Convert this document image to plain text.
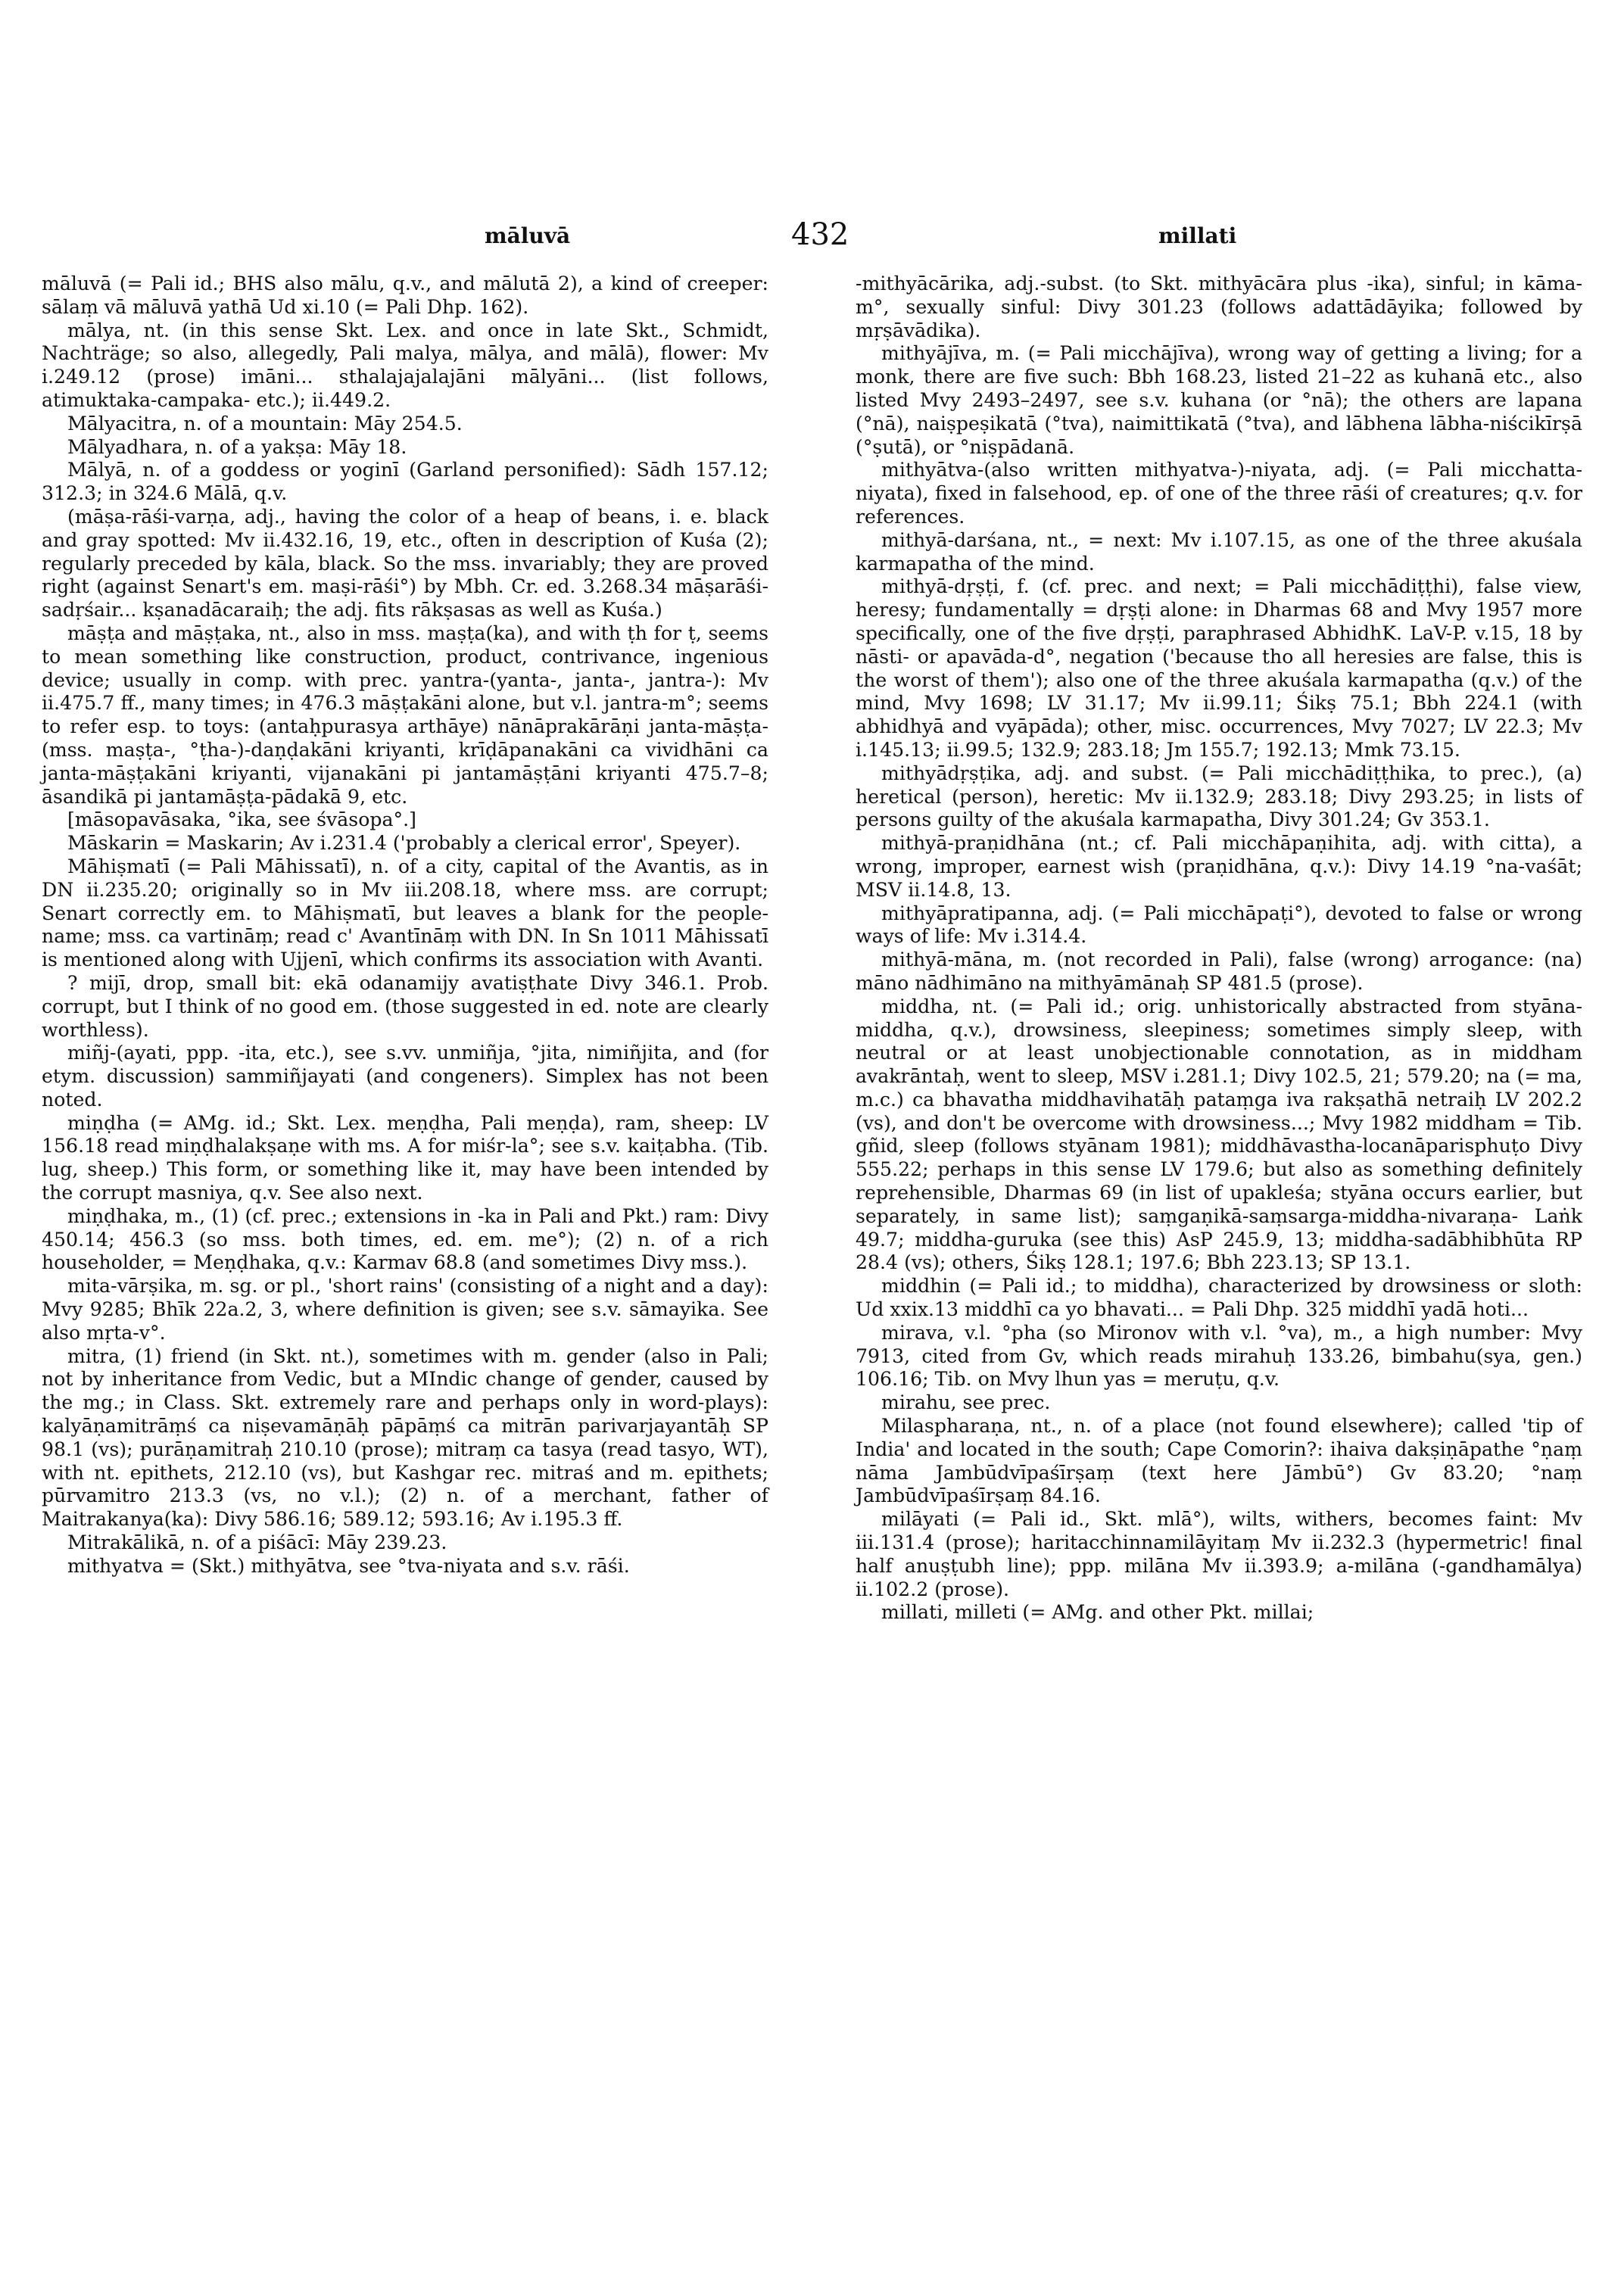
māluvā	432	millati

māluvā (= Pali id.; BHS also mālu, q.v., and mālutā 2), a kind of creeper: sālaṃ vā māluvā yathā Ud xi.10 (= Pali Dhp. 162).

mālya, nt. (in this sense Skt. Lex. and once in late Skt., Schmidt, Nachträge; so also, allegedly, Pali malya, mālya, and mālā), flower: Mv i.249.12 (prose) imāni... sthalajajalajāni mālyāni... (list follows, atimuktaka-campaka- etc.); ii.449.2.

Mālyacitra, n. of a mountain: Māy 254.5.

Mālyadhara, n. of a yakṣa: Māy 18.

Mālyā, n. of a goddess or yoginī (Garland personified): Sādh 157.12; 312.3; in 324.6 Mālā, q.v.

(māṣa-rāśi-varṇa, adj., having the color of a heap of beans, i. e. black and gray spotted: Mv ii.432.16, 19, etc., often in description of Kuśa (2); regularly preceded by kāla, black. So the mss. invariably; they are proved right (against Senart's em. maṣi-rāśi°) by Mbh. Cr. ed. 3.268.34 māṣarāśi-sadṛśair... kṣanadācaraiḥ; the adj. fits rākṣasas as well as Kuśa.)

māṣṭa and māṣṭaka, nt., also in mss. maṣṭa(ka), and with ṭh for ṭ, seems to mean something like construction, product, contrivance, ingenious device; usually in comp. with prec. yantra-(yanta-, janta-, jantra-): Mv ii.475.7 ff., many times; in 476.3 māṣṭakāni alone, but v.l. jantra-m°; seems to refer esp. to toys: (antaḥpurasya arthāye) nānāprakārāṇi janta-māṣṭa-(mss. maṣṭa-, °ṭha-)-daṇḍakāni kriyanti, krīḍāpanakāni ca vividhāni ca janta-māṣṭakāni kriyanti, vijanakāni pi jantamāṣṭāni kriyanti 475.7–8; āsandikā pi jantamāṣṭa-pādakā 9, etc.

[māsopavāsaka, °ika, see śvāsopa°.]

Māskarin = Maskarin; Av i.231.4 ('probably a clerical error', Speyer).

Māhiṣmatī (= Pali Māhissatī), n. of a city, capital of the Avantis, as in DN ii.235.20; originally so in Mv iii.208.18, where mss. are corrupt; Senart correctly em. to Māhiṣmatī, but leaves a blank for the people-name; mss. ca vartināṃ; read c' Avantīnāṃ with DN. In Sn 1011 Māhissatī is mentioned along with Ujjenī, which confirms its association with Avanti.

? mijī, drop, small bit: ekā odanamijy avatiṣṭhate Divy 346.1. Prob. corrupt, but I think of no good em. (those suggested in ed. note are clearly worthless).

miñj-(ayati, ppp. -ita, etc.), see s.vv. unmiñja, °jita, nimiñjita, and (for etym. discussion) sammiñjayati (and congeners). Simplex has not been noted.

miṇḍha (= AMg. id.; Skt. Lex. meṇḍha, Pali meṇḍa), ram, sheep: LV 156.18 read miṇḍhalakṣaṇe with ms. A for miśr-la°; see s.v. kaiṭabha. (Tib. lug, sheep.) This form, or something like it, may have been intended by the corrupt masniya, q.v. See also next.

miṇḍhaka, m., (1) (cf. prec.; extensions in -ka in Pali and Pkt.) ram: Divy 450.14; 456.3 (so mss. both times, ed. em. me°); (2) n. of a rich householder, = Meṇḍhaka, q.v.: Karmav 68.8 (and sometimes Divy mss.).

mita-vārṣika, m. sg. or pl., 'short rains' (consisting of a night and a day): Mvy 9285; Bhīk 22a.2, 3, where definition is given; see s.v. sāmayika. See also mṛta-v°.

mitra, (1) friend (in Skt. nt.), sometimes with m. gender (also in Pali; not by inheritance from Vedic, but a MIndic change of gender, caused by the mg.; in Class. Skt. extremely rare and perhaps only in word-plays): kalyāṇamitrāṃś ca niṣevamāṇāḥ pāpāṃś ca mitrān parivarjayantāḥ SP 98.1 (vs); purāṇamitraḥ 210.10 (prose); mitraṃ ca tasya (read tasyo, WT), with nt. epithets, 212.10 (vs), but Kashgar rec. mitraś and m. epithets; pūrvamitro 213.3 (vs, no v.l.); (2) n. of a merchant, father of Maitrakanya(ka): Divy 586.16; 589.12; 593.16; Av i.195.3 ff.

Mitrakālikā, n. of a piśācī: Māy 239.23.

mithyatva = (Skt.) mithyātva, see °tva-niyata and s.v. rāśi.

-mithyācārika, adj.-subst. (to Skt. mithyācāra plus -ika), sinful; in kāma-m°, sexually sinful: Divy 301.23 (follows adattādāyika; followed by mṛṣāvādika).

mithyājīva, m. (= Pali micchājīva), wrong way of getting a living; for a monk, there are five such: Bbh 168.23, listed 21–22 as kuhanā etc., also listed Mvy 2493–2497, see s.v. kuhana (or °nā); the others are lapana (°nā), naiṣpeṣikatā (°tva), naimittikatā (°tva), and lābhena lābha-niścikīrṣā (°ṣutā), or °niṣpādanā.

mithyātva-(also written mithyatva-)-niyata, adj. (= Pali micchatta-niyata), fixed in falsehood, ep. of one of the three rāśi of creatures; q.v. for references.

mithyā-darśana, nt., = next: Mv i.107.15, as one of the three akuśala karmapatha of the mind.

mithyā-dṛṣṭi, f. (cf. prec. and next; = Pali micchādiṭṭhi), false view, heresy; fundamentally = dṛṣṭi alone: in Dharmas 68 and Mvy 1957 more specifically, one of the five dṛṣṭi, paraphrased AbhidhK. LaV-P. v.15, 18 by nāsti- or apavāda-d°, negation ('because tho all heresies are false, this is the worst of them'); also one of the three akuśala karmapatha (q.v.) of the mind, Mvy 1698; LV 31.17; Mv ii.99.11; Śikṣ 75.1; Bbh 224.1 (with abhidhyā and vyāpāda); other, misc. occurrences, Mvy 7027; LV 22.3; Mv i.145.13; ii.99.5; 132.9; 283.18; Jm 155.7; 192.13; Mmk 73.15.

mithyādṛṣṭika, adj. and subst. (= Pali micchādiṭṭhika, to prec.), (a) heretical (person), heretic: Mv ii.132.9; 283.18; Divy 293.25; in lists of persons guilty of the akuśala karmapatha, Divy 301.24; Gv 353.1.

mithyā-praṇidhāna (nt.; cf. Pali micchāpaṇihita, adj. with citta), a wrong, improper, earnest wish (praṇidhāna, q.v.): Divy 14.19 °na-vaśāt; MSV ii.14.8, 13.

mithyāpratipanna, adj. (= Pali micchāpaṭi°), devoted to false or wrong ways of life: Mv i.314.4.

mithyā-māna, m. (not recorded in Pali), false (wrong) arrogance: (na) māno nādhimāno na mithyāmānaḥ SP 481.5 (prose).

middha, nt. (= Pali id.; orig. unhistorically abstracted from styāna-middha, q.v.), drowsiness, sleepiness; sometimes simply sleep, with neutral or at least unobjectionable connotation, as in middham avakrāntaḥ, went to sleep, MSV i.281.1; Divy 102.5, 21; 579.20; na (= ma, m.c.) ca bhavatha middhavihatāḥ pataṃga iva rakṣathā netraiḥ LV 202.2 (vs), and don't be overcome with drowsiness...; Mvy 1982 middham = Tib. gñid, sleep (follows styānam 1981); middhāvastha-locanāparisphuṭo Divy 555.22; perhaps in this sense LV 179.6; but also as something definitely reprehensible, Dharmas 69 (in list of upakleśa; styāna occurs earlier, but separately, in same list); saṃgaṇikā-saṃsarga-middha-nivaraṇa- Laṅk 49.7; middha-guruka (see this) AsP 245.9, 13; middha-sadābhibhūta RP 28.4 (vs); others, Śikṣ 128.1; 197.6; Bbh 223.13; SP 13.1.

middhin (= Pali id.; to middha), characterized by drowsiness or sloth: Ud xxix.13 middhī ca yo bhavati... = Pali Dhp. 325 middhī yadā hoti...

mirava, v.l. °pha (so Mironov with v.l. °va), m., a high number: Mvy 7913, cited from Gv, which reads mirahuḥ 133.26, bimbahu(sya, gen.) 106.16; Tib. on Mvy lhun yas = meruṭu, q.v.

mirahu, see prec.

Milaspharaṇa, nt., n. of a place (not found elsewhere); called 'tip of India' and located in the south; Cape Comorin?: ihaiva dakṣiṇāpathe °ṇaṃ nāma Jambūdvīpaśīrṣaṃ (text here Jāmbū°) Gv 83.20; °naṃ Jambūdvīpaśīrṣaṃ 84.16.

milāyati (= Pali id., Skt. mlā°), wilts, withers, becomes faint: Mv iii.131.4 (prose); haritacchinnamilāyitaṃ Mv ii.232.3 (hypermetric! final half anuṣṭubh line); ppp. milāna Mv ii.393.9; a-milāna (-gandhamālya) ii.102.2 (prose).

millati, milleti (= AMg. and other Pkt. millai;
